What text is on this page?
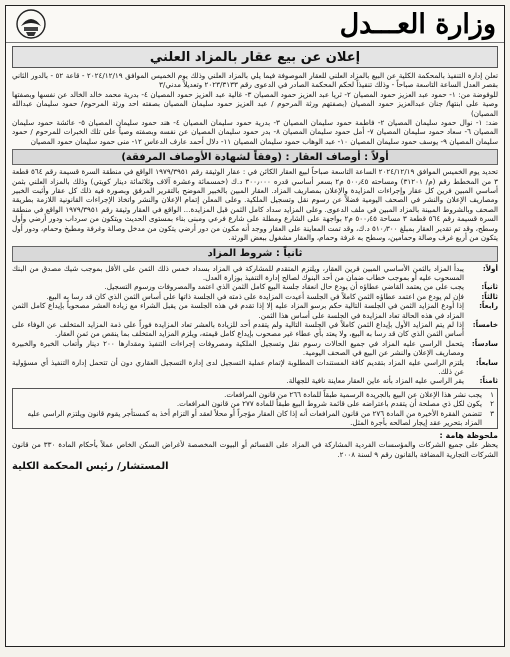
وزارة العـــدل
إعلان عن بيع عقار بالمزاد العلني

تعلن إدارة التنفيذ بالمحكمة الكلية عن البيع بالمزاد العلني للعقار الموصوفة فيما يلي بالمزاد العلني وذلك يوم الخميس الموافق ٢٠٢٤/١٢/١٩ - قاعة ٥٢ - بالدور الثاني بقصر العدل الساعة التاسعة صباحاً - وذلك تنفيذاً لحكم المحكمة الصادر في الدعوى رقم ٢٠٢٣/٣١٣٣ وتعديلاً مدني/٣

للوفوضة من: ١- حمود عبد العزيز حمود المصيان ٢- ثريا عبد العزيز حمود المصيان ٣- غالية عبد العزيز حمود المصيان ٤- بدرية محمد خالد الخالد عن نفسها وبصفتها وصية على ابنتها/ جنان عبدالعزيز حمود المصيان (بصفتهم ورثة المرحوم / عبد العزيز حمود سليمان المصيان بصفته احد ورثة المرحوم/ حمود سليمان عبدالله المصيان)

ضد: ١- نوال حمود سليمان المصيان ٢- فاطمة حمود سليمان المصيان ٣- بدرية حمود سليمان المصيان ٤- هند حمود سليمان المصيان ٥- عائشة حمود سليمان المصيان ٦- سعاد حمود سليمان المصيان ٧- أمل حمود سليمان المصيان ٨- بدر حمود سليمان المصيان عن نفسه وبصفته وصياً على تلك الخبرات للمرحوم / حمود سليمان المصيان ٩- يوسف حمود سليمان المصيان ١٠- عبد الوهاب حمود سليمان المصيان ١١- دلال أحمد عارف الدعاس ١٢- منى حمود سليمان حمود المصيان

أولاً : أوصاف العقار : (وفقاً لشهادة الأوصاف المرفقة)

تحديد يوم الخميس الموافق ٢٠٢٤/١٢/١٩ الساعة التاسعة صباحاً لبيع العقار الكائن في : عقار الوثيقة رقم ١٩٧٩/٣٩٥١ الواقع في منطقة السرة قسيمة رقم ٥٦٤ قطعة ٣ من المخطط رقم (م/ ٣١٢٠١) ومساحته ٥٠٠٫٤٥ م٢ بسعر أساسي قدره ٣٠٠٫٠٠٠ د.ك (خمسمائة وعشرة آلاف وثلاثمائة دينار كويتي) وذلك بالمزاد العلني بثمن أساسي المبين فرين كل عقار وإجراءات المزايدة والإعلان بمصاريف المزاد. العقار المبين بالخبير الموضح بالتقرير المرفق وبصورة فيه ذلك كل عقار وأثبت الخبير ومصاريف الإعلان والنشر في الصحف اليومية فضلاً عن رسوم نقل وتسجيل الملكية. وعلى المعلن إتمام الإعلان والنشر واتخاذ الإجراءات القانونية اللازمة بطريقة الصحف وبالشروط المبينة بالمزاد المبين في ملف الدعوى. وعلى المزايد سداد كامل الثمن قبل المزايدة... الواقع في العقار وثيقة رقم ١٩٧٩/٣٩٥١ الواقع في منطقة السرة قسيمة رقم ٥٦٤ قطعة ٣ مساحة ٥٠٠٫٤٥ م٢ بواجهة على الشارع ومطلة على شارع فرعي ومبنى بناء بمستوى الحديث ويتكون من سرداب ودور أرضي وأول وسطح، وقد تم تقدير العقار بمبلغ ٥١٠٫٣٠٠ د.ك، وقد تمت المعاينة على العقار ووجد أنه مكون من دور أرضي يتكون من مدخل وصالة وغرفة ومطبخ وحمام، ودور أول يتكون من أربع غرف وصالة وحمامين، وسطح به غرفة وحمام، والعقار مشغول ببعض الورثة.

ثانياً : شروط المزاد
أولاً:
يبدأ المزاد بالثمن الأساسي المبين قرين العقار، ويلتزم المتقدم للمشاركة في المزاد بسداد خمس ذلك الثمن على الأقل بموجب شيك مصدق من البنك المسحوب عليه أو بموجب خطاب ضمان من أحد البنوك لصالح إدارة التنفيذ بوزارة العدل.
ثانياً:
يجب على من يعتمد القاضي عطاؤه أن يودع حال انعقاد جلسة البيع كامل الثمن الذي اعتمد والمصروفات ورسوم التسجيل.
ثالثاً:
فإن لم يودع من اعتمد عطاؤه الثمن كاملاً في الجلسة أعيدت المزايدة على ذمته في الجلسة ذاتها على أساس الثمن الذي كان قد رسا به البيع.
رابعاً:
إذا أودع المزايد الثمن في الجلسة التالية حكم برسو المزاد عليه إلا إذا تقدم في هذه الجلسة من يقبل الشراء مع زيادة العشر مصحوباً بإيداع كامل الثمن المزاد في هذه الحالة تعاد المزايدة في الجلسة على أساس هذا الثمن.
خامساً:
إذا لم يتم المزايد الأول بإيداع الثمن كاملاً في الجلسة التالية ولم يتقدم أحد للزيادة بالعشر تعاد المزايدة فوراً على ذمة المزايد المتخلف عن الوفاء على أساس الثمن الذي كان قد رسا به البيع، ولا يعتد بأي عطاء غير مصحوب بإيداع كامل قيمته، ويلزم المزايد المتخلف بما ينقص من ثمن العقار.
سادساً:
يتحمل الراسي عليه المزاد في جميع الحالات رسوم نقل وتسجيل الملكية ومصروفات إجراءات التنفيذ ومقدارها ٢٠٠ دينار وأتعاب الخبرة والخبيرة ومصاريف الإعلان والنشر عن البيع في الصحف اليومية.
سابعاً:
يلتزم الراسي عليه المزاد بتقديم كافة المستندات المطلوبة لإتمام عملية التسجيل لدى إدارة التسجيل العقاري دون أن تتحمل إدارة التنفيذ أي مسؤولية عن ذلك.
ثامناً:
يقر الراسي عليه المزاد بأنه عاين العقار معاينة نافية للجهالة.
١
يجب نشر هذا الإعلان عن البيع بالجريدة الرسمية طبقاً للمادة ٢٦٦ من قانون المرافعات.
٢
يكون لكل ذي مصلحة أن يتقدم باعتراضه على قائمة شروط البيع طبقاً للمادة ٢٧٧ من قانون المرافعات.
٣
تتضمن الفقرة الأخيرة من المادة ٢٧٦ من قانون المرافعات أنه إذا كان العقار مؤجراً أو محلاً لعقد أو التزام أخذ به كمستأجر يقوم قانون ويلتزم الراسي عليه المزاد بتحرير عقد إيجار لصالحه بأجرة المثل.
ملحوظة هامة :

يحظر على جميع الشركات والمؤسسات الفردية المشاركة في المزاد على القسائم أو البيوت المخصصة لأغراض السكن الخاص عملاً بأحكام المادة ٣٣٠ من قانون الشركات التجارية المضافة بالقانون رقم ٩ لسنة ٢٠٠٨.

المستشار/ رئيس المحكمة الكلية
